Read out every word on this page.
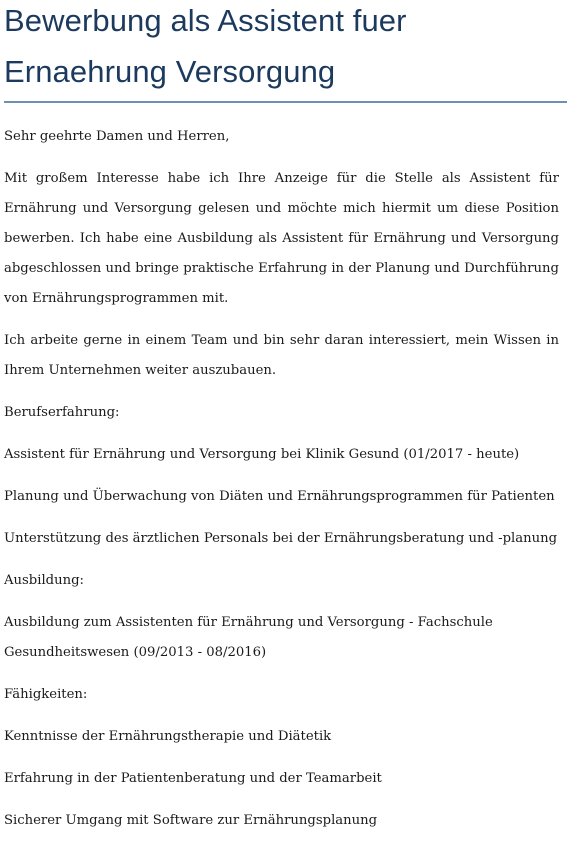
Bewerbung als Assistent fuer
Ernaehrung Versorgung

Sehr geehrte Damen und Herren,

Mit großem Interesse habe ich Ihre Anzeige für die Stelle als Assistent für Ernährung und Versorgung gelesen und möchte mich hiermit um diese Position bewerben. Ich habe eine Ausbildung als Assistent für Ernährung und Versorgung abgeschlossen und bringe praktische Erfahrung in der Planung und Durchführung von Ernährungsprogrammen mit.

Ich arbeite gerne in einem Team und bin sehr daran interessiert, mein Wissen in Ihrem Unternehmen weiter auszubauen.

Berufserfahrung:

Assistent für Ernährung und Versorgung bei Klinik Gesund (01/2017 - heute)

Planung und Überwachung von Diäten und Ernährungsprogrammen für Patienten

Unterstützung des ärztlichen Personals bei der Ernährungsberatung und -planung

Ausbildung:

Ausbildung zum Assistenten für Ernährung und Versorgung - Fachschule Gesundheitswesen (09/2013 - 08/2016)

Fähigkeiten:

Kenntnisse der Ernährungstherapie und Diätetik

Erfahrung in der Patientenberatung und der Teamarbeit

Sicherer Umgang mit Software zur Ernährungsplanung
